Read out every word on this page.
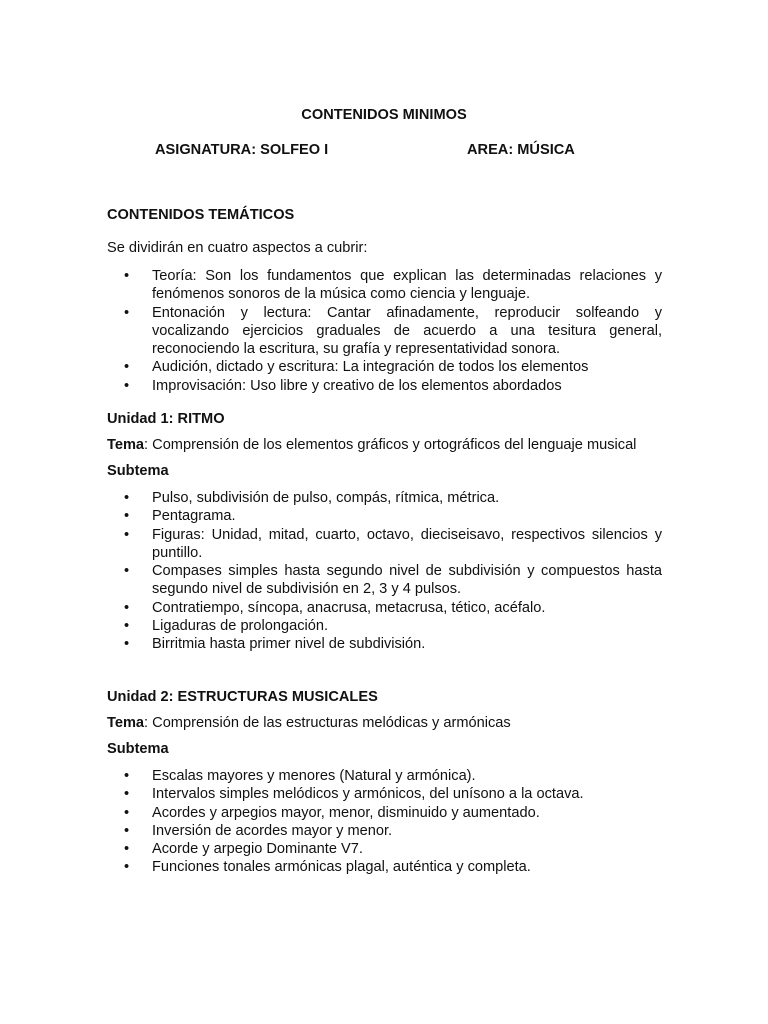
CONTENIDOS MINIMOS
ASIGNATURA: SOLFEO I	AREA: MÚSICA
CONTENIDOS TEMÁTICOS
Se dividirán en cuatro aspectos a cubrir:
• Teoría: Son los fundamentos que explican las determinadas relaciones y fenómenos sonoros de la música como ciencia y lenguaje.
• Entonación y lectura: Cantar afinadamente, reproducir solfeando y vocalizando ejercicios graduales de acuerdo a una tesitura general, reconociendo la escritura, su grafía y representatividad sonora.
• Audición, dictado y escritura: La integración de todos los elementos
• Improvisación: Uso libre y creativo de los elementos abordados
Unidad 1: RITMO
Tema: Comprensión de los elementos gráficos y ortográficos del lenguaje musical
Subtema
• Pulso, subdivisión de pulso, compás, rítmica, métrica.
• Pentagrama.
• Figuras: Unidad, mitad, cuarto, octavo, dieciseisavo, respectivos silencios y puntillo.
• Compases simples hasta segundo nivel de subdivisión y compuestos hasta segundo nivel de subdivisión en 2, 3 y 4 pulsos.
• Contratiempo, síncopa, anacrusa, metacrusa, tético, acéfalo.
• Ligaduras de prolongación.
• Birritmia hasta primer nivel de subdivisión.
Unidad 2: ESTRUCTURAS MUSICALES
Tema: Comprensión de las estructuras melódicas y armónicas
Subtema
• Escalas mayores y menores (Natural y armónica).
• Intervalos simples melódicos y armónicos, del unísono a la octava.
• Acordes y arpegios mayor, menor, disminuido y aumentado.
• Inversión de acordes mayor y menor.
• Acorde y arpegio Dominante V7.
• Funciones tonales armónicas plagal, auténtica y completa.
